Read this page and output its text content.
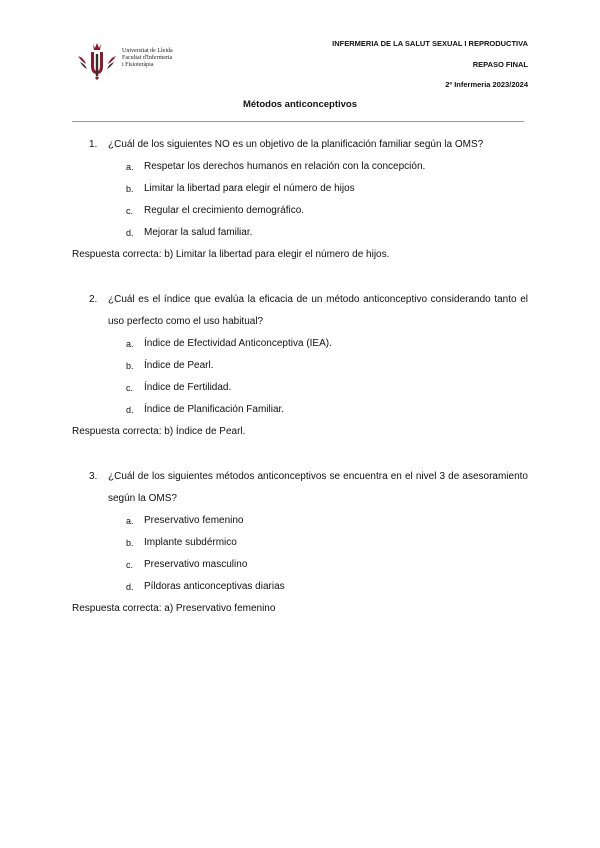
Universitat de Lleida
Facultat d'Infermeria
i Fisioteràpia
INFERMERIA DE LA SALUT SEXUAL I REPRODUCTIVA
REPASO FINAL
2º Infermeria 2023/2024
Métodos anticonceptivos
1. ¿Cuál de los siguientes NO es un objetivo de la planificación familiar según la OMS?
a. Respetar los derechos humanos en relación con la concepción.
b. Limitar la libertad para elegir el número de hijos
c. Regular el crecimiento demográfico.
d. Mejorar la salud familiar.
Respuesta correcta: b) Limitar la libertad para elegir el número de hijos.
2. ¿Cuál es el índice que evalúa la eficacia de un método anticonceptivo considerando tanto el uso perfecto como el uso habitual?
a. Índice de Efectividad Anticonceptiva (IEA).
b. Índice de Pearl.
c. Índice de Fertilidad.
d. Índice de Planificación Familiar.
Respuesta correcta: b) Índice de Pearl.
3. ¿Cuál de los siguientes métodos anticonceptivos se encuentra en el nivel 3 de asesoramiento según la OMS?
a. Preservativo femenino
b. Implante subdérmico
c. Preservativo masculino
d. Píldoras anticonceptivas diarias
Respuesta correcta: a) Preservativo femenino
